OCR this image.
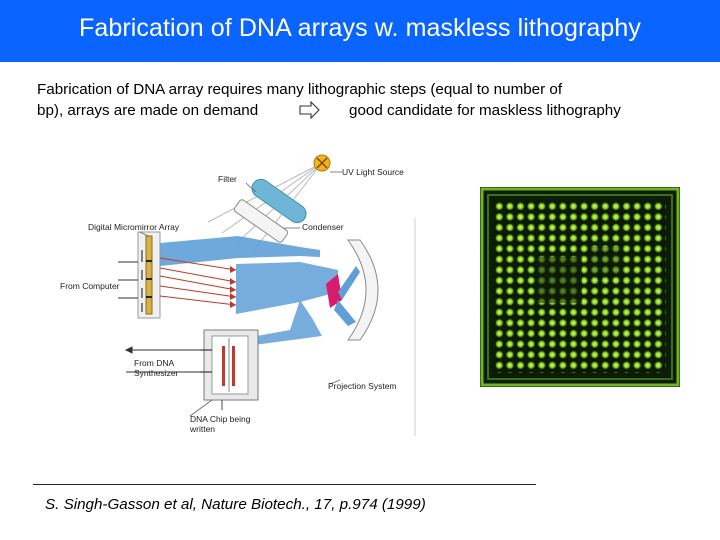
Fabrication of DNA arrays w. maskless lithography
Fabrication of DNA array requires many lithographic steps (equal to number of
bp), arrays are made on demand	good candidate for maskless lithography
UV Light Source
Filter
Condenser
Digital Micromirror Array
From Computer
From DNA
Synthesizer
Projection System
DNA Chip being
written
S. Singh-Gasson et al, Nature Biotech., 17, p.974 (1999)
